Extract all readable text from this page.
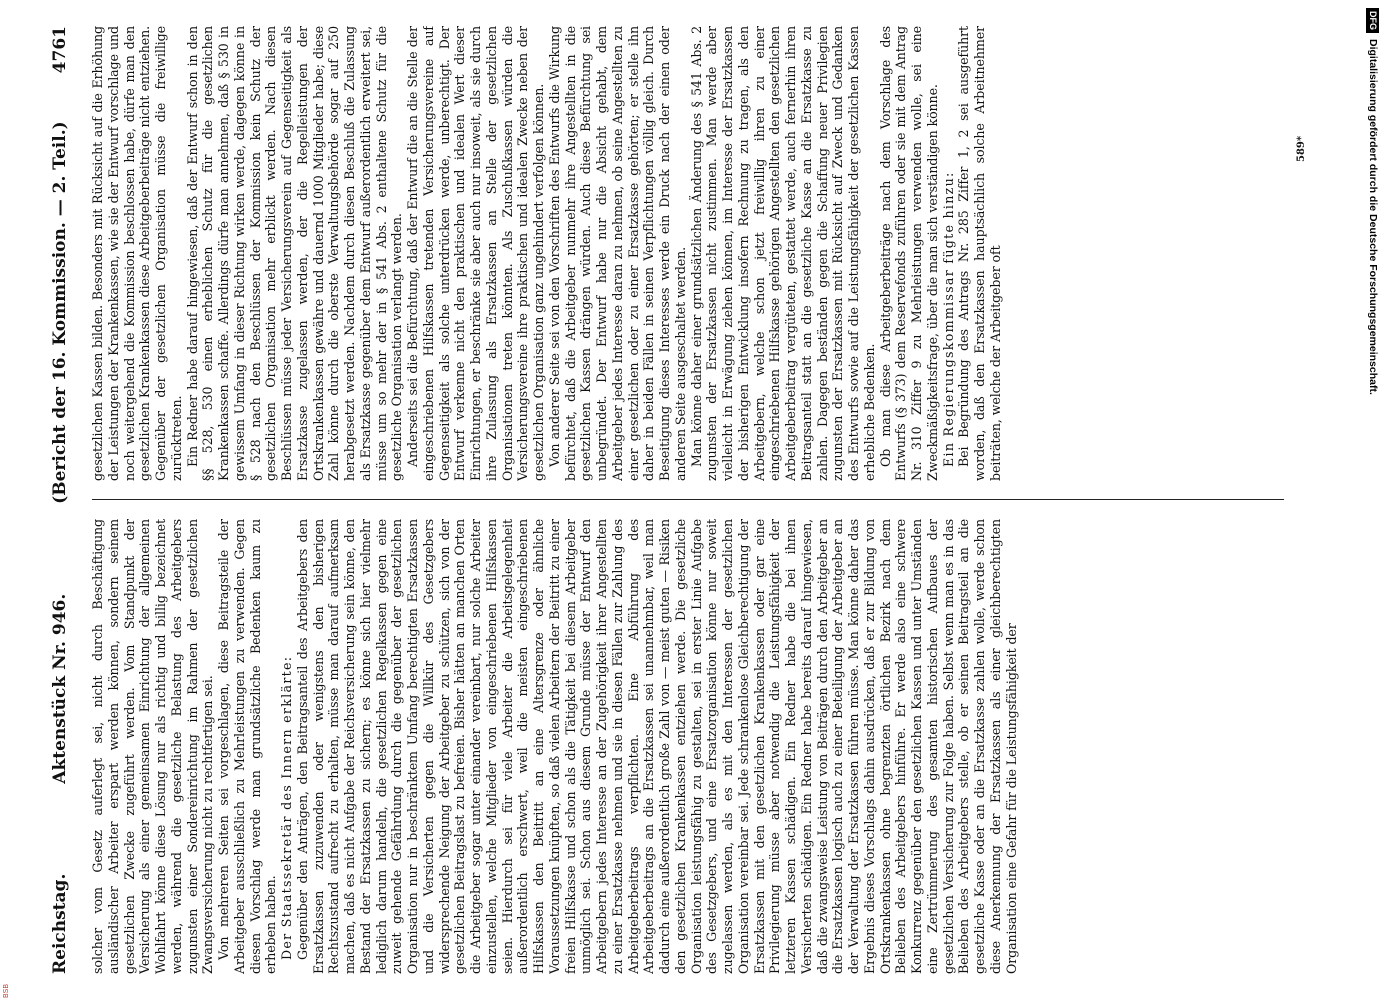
Reichstag.
Aktenstück Nr. 946.
(Bericht der 16. Kommission. — 2. Teil.)
4761

solcher vom Gesetz auferlegt sei, nicht durch Beschäftigung ausländischer Arbeiter erspart werden können, sondern seinem gesetzlichen Zwecke zugeführt werden. Vom Standpunkt der Versicherung als einer gemeinsamen Einrichtung der allgemeinen Wohlfahrt könne diese Lösung nur als richtig und billig bezeichnet werden, während die gesetzliche Belastung des Arbeitgebers zugunsten einer Sondereinrichtung im Rahmen der gesetzlichen Zwangsversicherung nicht zu rechtfertigen sei. Von mehreren Seiten sei vorgeschlagen, diese Beitragsteile der Arbeitgeber ausschließlich zu Mehrleistungen zu verwenden. Gegen diesen Vorschlag werde man grundsätzliche Bedenken kaum zu erheben haben. Der Staatssekretär des Innern erklärte: Gegenüber den Anträgen, den Beitragsanteil des Arbeitgebers den Ersatzkassen zuzuwenden oder wenigstens den bisherigen Rechtszustand aufrecht zu erhalten, müsse man darauf aufmerksam machen, daß es nicht Aufgabe der Reichsversicherung sein könne, den Bestand der Ersatzkassen zu sichern; es könne sich hier vielmehr lediglich darum handeln, die gesetzlichen Regelkassen gegen eine zuweit gehende Gefährdung durch die gegenüber der gesetzlichen Organisation nur in beschränktem Umfang berechtigten Ersatzkassen und die Versicherten gegen die Willkür des Gesetzgebers widersprechende Neigung der Arbeitgeber zu schützen, sich von der gesetzlichen Beitragslast zu befreien. Bisher hätten an manchen Orten die Arbeitgeber sogar unter einander vereinbart, nur solche Arbeiter einzustellen, welche Mitglieder von eingeschriebenen Hilfskassen seien. Hierdurch sei für viele Arbeiter die Arbeitsgelegenheit außerordentlich erschwert, weil die meisten eingeschriebenen Hilfskassen den Beitritt an eine Altersgrenze oder ähnliche Voraussetzungen knüpften, so daß vielen Arbeitern der Beitritt zu einer freien Hilfskasse und schon als die Tätigkeit bei diesem Arbeitgeber unmöglich sei. Schon aus diesem Grunde müsse der Entwurf den Arbeitgebern jedes Interesse an der Zugehörigkeit ihrer Angestellten zu einer Ersatzkasse nehmen und sie in diesen Fällen zur Zahlung des Arbeitgeberbeitrags verpflichten. Eine Abführung des Arbeitgeberbeitrags an die Ersatzkassen sei unannehmbar, weil man dadurch eine außerordentlich große Zahl von — meist guten — Risiken den gesetzlichen Krankenkassen entziehen werde. Die gesetzliche Organisation leistungsfähig zu gestalten, sei in erster Linie Aufgabe des Gesetzgebers, und eine Ersatzorganisation könne nur soweit zugelassen werden, als es mit den Interessen der gesetzlichen Organisation vereinbar sei. Jede schrankenlose Gleichberechtigung der Ersatzkassen mit den gesetzlichen Krankenkassen oder gar eine Privilegierung müsse aber notwendig die Leistungsfähigkeit der letzteren Kassen schädigen. Ein Redner habe die bei ihnen Versicherten schädigen. Ein Redner habe bereits darauf hingewiesen, daß die zwangsweise Leistung von Beiträgen durch den Arbeitgeber an die Ersatzkassen logisch auch zu einer Beteiligung der Arbeitgeber an der Verwaltung der Ersatzkassen führen müsse. Man könne daher das Ergebnis dieses Vorschlags dahin ausdrücken, daß er zur Bildung von Ortskrankenkassen ohne begrenzten örtlichen Bezirk nach dem Belieben des Arbeitgebers hinführe. Er werde also eine schwere Konkurrenz gegenüber den gesetzlichen Kassen und unter Umständen eine Zertrümmerung des gesamten historischen Aufbaues der gesetzlichen Versicherung zur Folge haben. Selbst wenn man es in das Belieben des Arbeitgebers stelle, ob er seinen Beitragsteil an die gesetzliche Kasse oder an die Ersatzkasse zahlen wolle, werde schon diese Anerkennung der Ersatzkassen als einer gleichberechtigten Organisation eine Gefahr für die Leistungsfähigkeit der

gesetzlichen Kassen bilden. Besonders mit Rücksicht auf die Erhöhung der Leistungen der Krankenkassen, wie sie der Entwurf vorschlage und noch weitergehend die Kommission beschlossen habe, dürfe man den gesetzlichen Krankenkassen diese Arbeitgeberbeiträge nicht entziehen. Gegenüber der gesetzlichen Organisation müsse die freiwillige zurücktreten. Ein Redner habe darauf hingewiesen, daß der Entwurf schon in den §§ 528, 530 einen erheblichen Schutz für die gesetzlichen Krankenkassen schaffe. Allerdings dürfe man annehmen, daß § 530 in gewissem Umfang in dieser Richtung wirken werde, dagegen könne in § 528 nach den Beschlüssen der Kommission kein Schutz der gesetzlichen Organisation mehr erblickt werden. Nach diesen Beschlüssen müsse jeder Versicherungsverein auf Gegenseitigkeit als Ersatzkasse zugelassen werden, der die Regelleistungen der Ortskrankenkassen gewähre und dauernd 1000 Mitglieder habe; diese Zahl könne durch die oberste Verwaltungsbehörde sogar auf 250 herabgesetzt werden. Nachdem durch diesen Beschluß die Zulassung als Ersatzkasse gegenüber dem Entwurf außerordentlich erweitert sei, müsse um so mehr der in § 541 Abs. 2 enthaltene Schutz für die gesetzliche Organisation verlangt werden. Anderseits sei die Befürchtung, daß der Entwurf die an die Stelle der eingeschriebenen Hilfskassen tretenden Versicherungsvereine auf Gegenseitigkeit als solche unterdrücken werde, unberechtigt. Der Entwurf verkenne nicht den praktischen und idealen Wert dieser Einrichtungen, er beschränke sie aber auch nur insoweit, als sie durch ihre Zulassung als Ersatzkassen an Stelle der gesetzlichen Organisationen treten könnten. Als Zuschußkassen würden die Versicherungsvereine ihre praktischen und idealen Zwecke neben der gesetzlichen Organisation ganz ungehindert verfolgen können. Von anderer Seite sei von den Vorschriften des Entwurfs die Wirkung befürchtet, daß die Arbeitgeber nunmehr ihre Angestellten in die gesetzlichen Kassen drängen würden. Auch diese Befürchtung sei unbegründet. Der Entwurf habe nur die Absicht gehabt, dem Arbeitgeber jedes Interesse daran zu nehmen, ob seine Angestellten zu einer gesetzlichen oder zu einer Ersatzkasse gehörten; er stelle ihn daher in beiden Fällen in seinen Verpflichtungen völlig gleich. Durch Beseitigung dieses Interesses werde ein Druck nach der einen oder anderen Seite ausgeschaltet werden. Man könne daher einer grundsätzlichen Änderung des § 541 Abs. 2 zugunsten der Ersatzkassen nicht zustimmen. Man werde aber vielleicht in Erwägung ziehen können, im Interesse der Ersatzkassen der bisherigen Entwicklung insofern Rechnung zu tragen, als den Arbeitgebern, welche schon jetzt freiwillig ihren zu einer eingeschriebenen Hilfskasse gehörigen Angestellten den gesetzlichen Arbeitgeberbeitrag vergüteten, gestattet werde, auch fernerhin ihren Beitragsanteil statt an die gesetzliche Kasse an die Ersatzkasse zu zahlen. Dagegen beständen gegen die Schaffung neuer Privilegien zugunsten der Ersatzkassen mit Rücksicht auf Zweck und Gedanken des Entwurfs sowie auf die Leistungsfähigkeit der gesetzlichen Kassen erhebliche Bedenken. Ob man diese Arbeitgeberbeiträge nach dem Vorschlage des Entwurfs (§ 373) dem Reservefonds zuführen oder sie mit dem Antrag Nr. 310 Ziffer 9 zu Mehrleistungen verwenden wolle, sei eine Zweckmäßigkeitsfrage, über die man sich verständigen könne. Ein Regierungskommissar fügte hinzu: Bei Begründung des Antrags Nr. 285 Ziffer 1, 2 sei ausgeführt worden, daß den Ersatzkassen hauptsächlich solche Arbeitnehmer beiträten, welche der Arbeitgeber oft

589*
DFG
Digitalisierung gefördert durch die Deutsche Forschungsgemeinschaft.
BSB
